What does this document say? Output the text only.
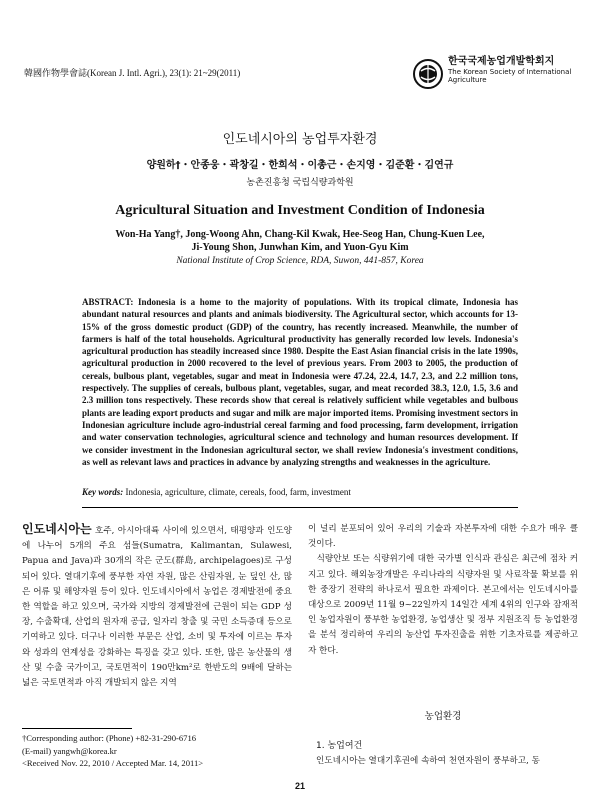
韓國作物學會誌(Korean J. Intl. Agri.), 23(1): 21~29(2011)
한국국제농업개발학회지
The Korean Society of International
Agriculture
인도네시아의 농업투자환경
양원하†・안종웅・곽창길・한희석・이총근・손지영・김준환・김연규
농촌진흥청 국립식량과학원
Agricultural Situation and Investment Condition of Indonesia
Won-Ha Yang†, Jong-Woong Ahn, Chang-Kil Kwak, Hee-Seog Han, Chung-Kuen Lee,
Ji-Young Shon, Junwhan Kim, and Yuon-Gyu Kim
National Institute of Crop Science, RDA, Suwon, 441-857, Korea
ABSTRACT: Indonesia is a home to the majority of populations. With its tropical climate, Indonesia has abundant natural resources and plants and animals biodiversity. The Agricultural sector, which accounts for 13-15% of the gross domestic product (GDP) of the country, has recently increased. Meanwhile, the number of farmers is half of the total households. Agricultural productivity has generally recorded low levels. Indonesia's agricultural production has steadily increased since 1980. Despite the East Asian financial crisis in the late 1990s, agricultural production in 2000 recovered to the level of previous years. From 2003 to 2005, the production of cereals, bulbous plant, vegetables, sugar and meat in Indonesia were 47.24, 22.4, 14.7, 2.3, and 2.2 million tons, respectively. The supplies of cereals, bulbous plant, vegetables, sugar, and meat recorded 38.3, 12.0, 1.5, 3.6 and 2.3 million tons respectively. These records show that cereal is relatively sufficient while vegetables and bulbous plants are leading export products and sugar and milk are major imported items. Promising investment sectors in Indonesian agriculture include agro-industrial cereal farming and food processing, farm development, irrigation and water conservation technologies, agricultural science and technology and human resources development. If we consider investment in the Indonesian agricultural sector, we shall review Indonesia's investment conditions, as well as relevant laws and practices in advance by analyzing strengths and weaknesses in the agriculture.
Key words: Indonesia, agriculture, climate, cereals, food, farm, investment
인도네시아는 호주, 아시아대륙 사이에 있으면서, 태평양과 인도양에 나누어 5개의 주요 섬들(Sumatra, Kalimantan, Sulawesi, Papua and Java)과 30개의 작은 군도(群島, archipelagoes)로 구성되어 있다. 열대기후에 풍부한 자연 자원, 많은 산림자원, 눈 덮인 산, 많은 어류 및 해양자원 등이 있다. 인도네시아에서 농업은 경제발전에 중요한 역할을 하고 있으며, 국가와 지방의 경제발전에 근원이 되는 GDP 성장, 수출확대, 산업의 원자재 공급, 일자리 창출 및 국민 소득증대 등으로 기여하고 있다. 더구나 이러한 부문은 산업, 소비 및 투자에 이르는 투자와 성과의 연계성을 강화하는 특징을 갖고 있다. 또한, 많은 농산물의 생산 및 수출 국가이고, 국토면적이 190만km²로 한반도의 9배에 달하는 넓은 국토면적과 아직 개발되지 않은 지역
이 널리 분포되어 있어 우리의 기술과 자본투자에 대한 수요가 매우 클 것이다.
식량안보 또는 식량위기에 대한 국가별 인식과 관심은 최근에 점차 커지고 있다. 해외농장개발은 우리나라의 식량자원 및 사료작물 확보를 위한 중장기 전략의 하나로서 필요한 과제이다. 본고에서는 인도네시아를 대상으로 2009년 11월 9~22일까지 14일간 세계 4위의 인구와 잠재적인 농업자원이 풍부한 농업환경, 농업생산 및 정부 지원조직 등 농업환경을 분석 정리하여 우리의 농산업 투자진출을 위한 기초자료를 제공하고자 한다.
농업환경
1. 농업여건
인도네시아는 열대기후권에 속하여 천연자원이 풍부하고, 동
†Corresponding author: (Phone) +82-31-290-6716
(E-mail) yangwh@korea.kr
<Received Nov. 22, 2010 / Accepted Mar. 14, 2011>
21
